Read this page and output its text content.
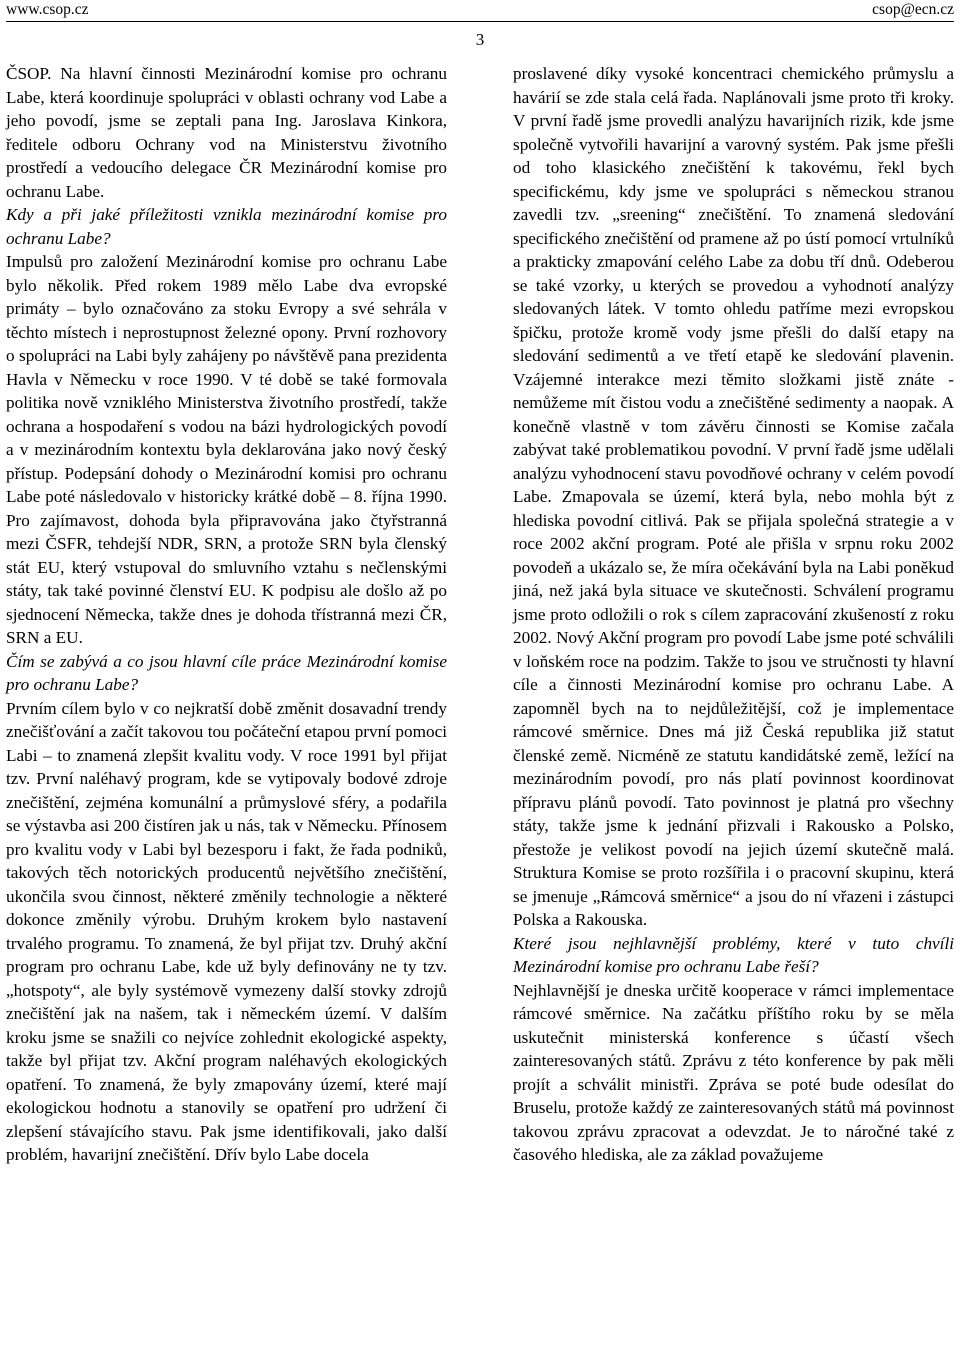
www.csop.cz	csop@ecn.cz
3

ČSOP. Na hlavní činnosti Mezinárodní komise pro ochranu Labe, která koordinuje spolupráci v oblasti ochrany vod Labe a jeho povodí, jsme se zeptali pana Ing. Jaroslava Kinkora, ředitele odboru Ochrany vod na Ministerstvu životního prostředí a vedoucího delegace ČR Mezinárodní komise pro ochranu Labe.

Kdy a při jaké příležitosti vznikla mezinárodní komise pro ochranu Labe?

Impulsů pro založení Mezinárodní komise pro ochranu Labe bylo několik. Před rokem 1989 mělo Labe dva evropské primáty – bylo označováno za stoku Evropy a své sehrála v těchto místech i neprostupnost železné opony. První rozhovory o spolupráci na Labi byly zahájeny po návštěvě pana prezidenta Havla v Německu v roce 1990. V té době se také formovala politika nově vzniklého Ministerstva životního prostředí, takže ochrana a hospodaření s vodou na bázi hydrologických povodí a v mezinárodním kontextu byla deklarována jako nový český přístup. Podepsání dohody o Mezinárodní komisi pro ochranu Labe poté následovalo v historicky krátké době – 8. října 1990. Pro zajímavost, dohoda byla připravována jako čtyřstranná mezi ČSFR, tehdejší NDR, SRN, a protože SRN byla členský stát EU, který vstupoval do smluvního vztahu s nečlenskými státy, tak také povinné členství EU. K podpisu ale došlo až po sjednocení Německa, takže dnes je dohoda třístranná mezi ČR, SRN a EU.

Čím se zabývá a co jsou hlavní cíle práce Mezinárodní komise pro ochranu Labe?

Prvním cílem bylo v co nejkratší době změnit dosavadní trendy znečišťování a začít takovou tou počáteční etapou první pomoci Labi – to znamená zlepšit kvalitu vody. V roce 1991 byl přijat tzv. První naléhavý program, kde se vytipovaly bodové zdroje znečištění, zejména komunální a průmyslové sféry, a podařila se výstavba asi 200 čistíren jak u nás, tak v Německu. Přínosem pro kvalitu vody v Labi byl bezesporu i fakt, že řada podniků, takových těch notorických producentů největšího znečištění, ukončila svou činnost, některé změnily technologie a některé dokonce změnily výrobu. Druhým krokem bylo nastavení trvalého programu. To znamená, že byl přijat tzv. Druhý akční program pro ochranu Labe, kde už byly definovány ne ty tzv. „hotspoty“, ale byly systémově vymezeny další stovky zdrojů znečištění jak na našem, tak i německém území. V dalším kroku jsme se snažili co nejvíce zohlednit ekologické aspekty, takže byl přijat tzv. Akční program naléhavých ekologických opatření. To znamená, že byly zmapovány území, které mají ekologickou hodnotu a stanovily se opatření pro udržení či zlepšení stávajícího stavu. Pak jsme identifikovali, jako další problém, havarijní znečištění. Dřív bylo Labe docela

proslavené díky vysoké koncentraci chemického průmyslu a havárií se zde stala celá řada. Naplánovali jsme proto tři kroky. V první řadě jsme provedli analýzu havarijních rizik, kde jsme společně vytvořili havarijní a varovný systém. Pak jsme přešli od toho klasického znečištění k takovému, řekl bych specifickému, kdy jsme ve spolupráci s německou stranou zavedli tzv. „sreening“ znečištění. To znamená sledování specifického znečištění od pramene až po ústí pomocí vrtulníků a prakticky zmapování celého Labe za dobu tří dnů. Odeberou se také vzorky, u kterých se provedou a vyhodnotí analýzy sledovaných látek. V tomto ohledu patříme mezi evropskou špičku, protože kromě vody jsme přešli do další etapy na sledování sedimentů a ve třetí etapě ke sledování plavenin. Vzájemné interakce mezi těmito složkami jistě znáte - nemůžeme mít čistou vodu a znečištěné sedimenty a naopak. A konečně vlastně v tom závěru činnosti se Komise začala zabývat také problematikou povodní. V první řadě jsme udělali analýzu vyhodnocení stavu povodňové ochrany v celém povodí Labe. Zmapovala se území, která byla, nebo mohla být z hlediska povodní citlivá. Pak se přijala společná strategie a v roce 2002 akční program. Poté ale přišla v srpnu roku 2002 povodeň a ukázalo se, že míra očekávání byla na Labi poněkud jiná, než jaká byla situace ve skutečnosti. Schválení programu jsme proto odložili o rok s cílem zapracování zkušeností z roku 2002. Nový Akční program pro povodí Labe jsme poté schválili v loňském roce na podzim. Takže to jsou ve stručnosti ty hlavní cíle a činnosti Mezinárodní komise pro ochranu Labe. A zapomněl bych na to nejdůležitější, což je implementace rámcové směrnice. Dnes má již Česká republika již statut členské země. Nicméně ze statutu kandidátské země, ležící na mezinárodním povodí, pro nás platí povinnost koordinovat přípravu plánů povodí. Tato povinnost je platná pro všechny státy, takže jsme k jednání přizvali i Rakousko a Polsko, přestože je velikost povodí na jejich území skutečně malá. Struktura Komise se proto rozšířila i o pracovní skupinu, která se jmenuje „Rámcová směrnice“ a jsou do ní vřazeni i zástupci Polska a Rakouska.

Které jsou nejhlavnější problémy, které v tuto chvíli Mezinárodní komise pro ochranu Labe řeší?

Nejhlavnější je dneska určitě kooperace v rámci implementace rámcové směrnice. Na začátku příštího roku by se měla uskutečnit ministerská konference s účastí všech zainteresovaných států. Zprávu z této konference by pak měli projít a schválit ministři. Zpráva se poté bude odesílat do Bruselu, protože každý ze zainteresovaných států má povinnost takovou zprávu zpracovat a odevzdat. Je to náročné také z časového hlediska, ale za základ považujeme
